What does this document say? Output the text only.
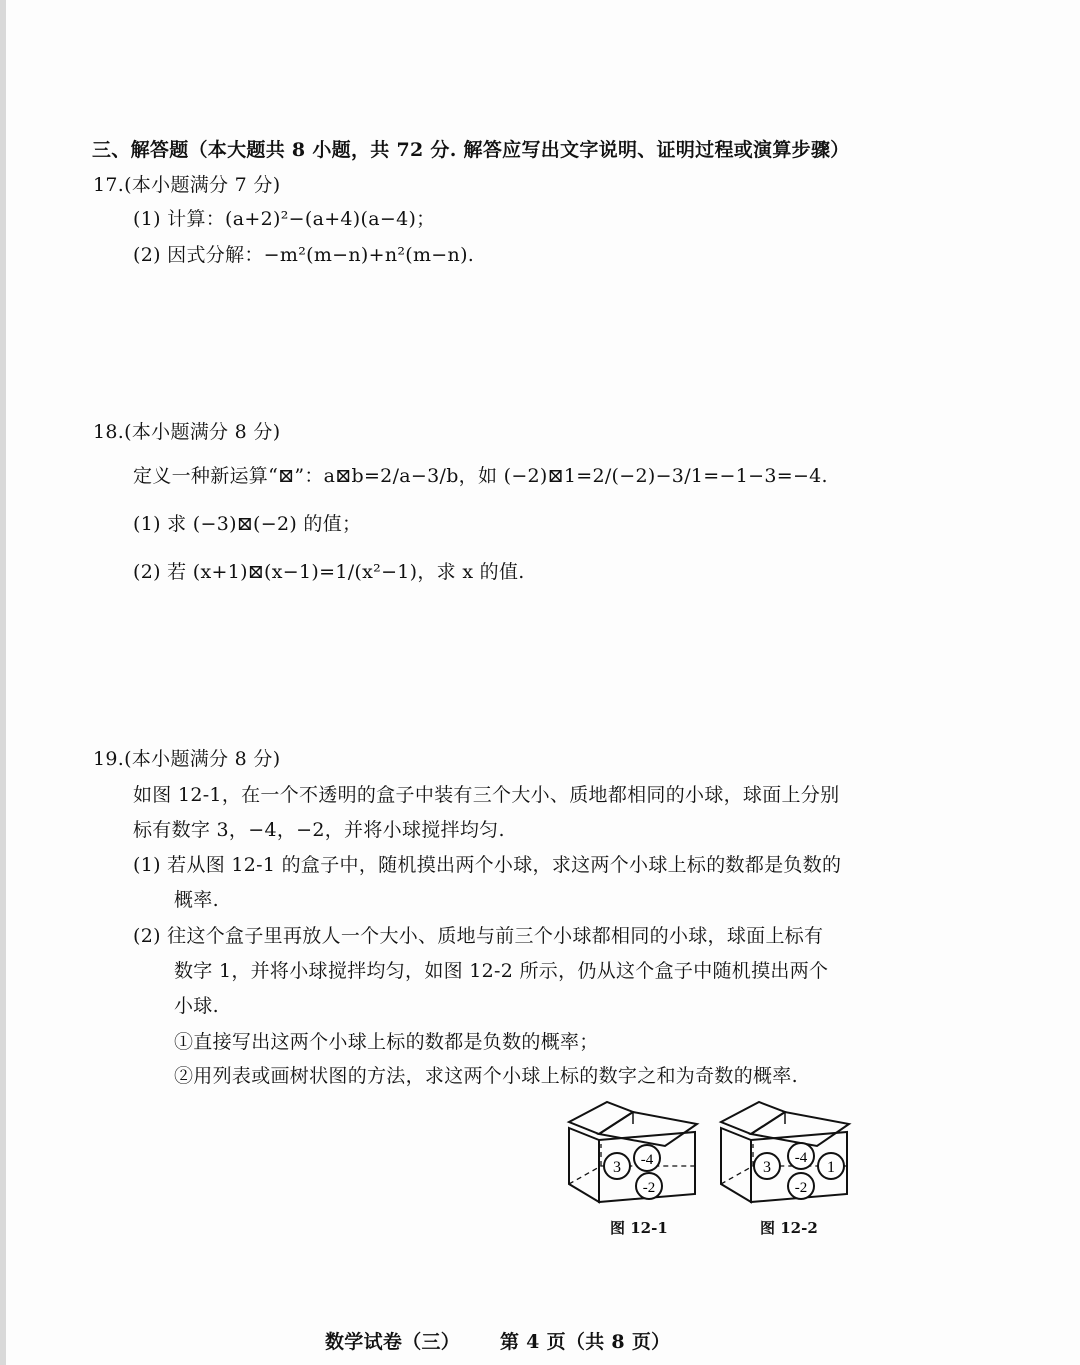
三、解答题（本大题共 8 小题，共 72 分. 解答应写出文字说明、证明过程或演算步骤）
17.(本小题满分 7 分)
(1) 计算：(a+2)²−(a+4)(a−4)；
(2) 因式分解：−m²(m−n)+n²(m−n).
18.(本小题满分 8 分)
定义一种新运算“⊠”：a⊠b=2/a−3/b，如 (−2)⊠1=2/(−2)−3/1=−1−3=−4.
(1) 求 (−3)⊠(−2) 的值；
(2) 若 (x+1)⊠(x−1)=1/(x²−1)，求 x 的值.
19.(本小题满分 8 分)
如图 12-1，在一个不透明的盒子中装有三个大小、质地都相同的小球，球面上分别
标有数字 3，−4，−2，并将小球搅拌均匀.
(1) 若从图 12-1 的盒子中，随机摸出两个小球，求这两个小球上标的数都是负数的
概率.
(2) 往这个盒子里再放人一个大小、质地与前三个小球都相同的小球，球面上标有
数字 1，并将小球搅拌均匀，如图 12-2 所示，仍从这个盒子中随机摸出两个
小球.
①直接写出这两个小球上标的数都是负数的概率；
②用列表或画树状图的方法，求这两个小球上标的数字之和为奇数的概率.
3 -4
-2
图 12-1
3
-4
-2
1
图 12-2
数学试卷（三） 第 4 页（共 8 页）
